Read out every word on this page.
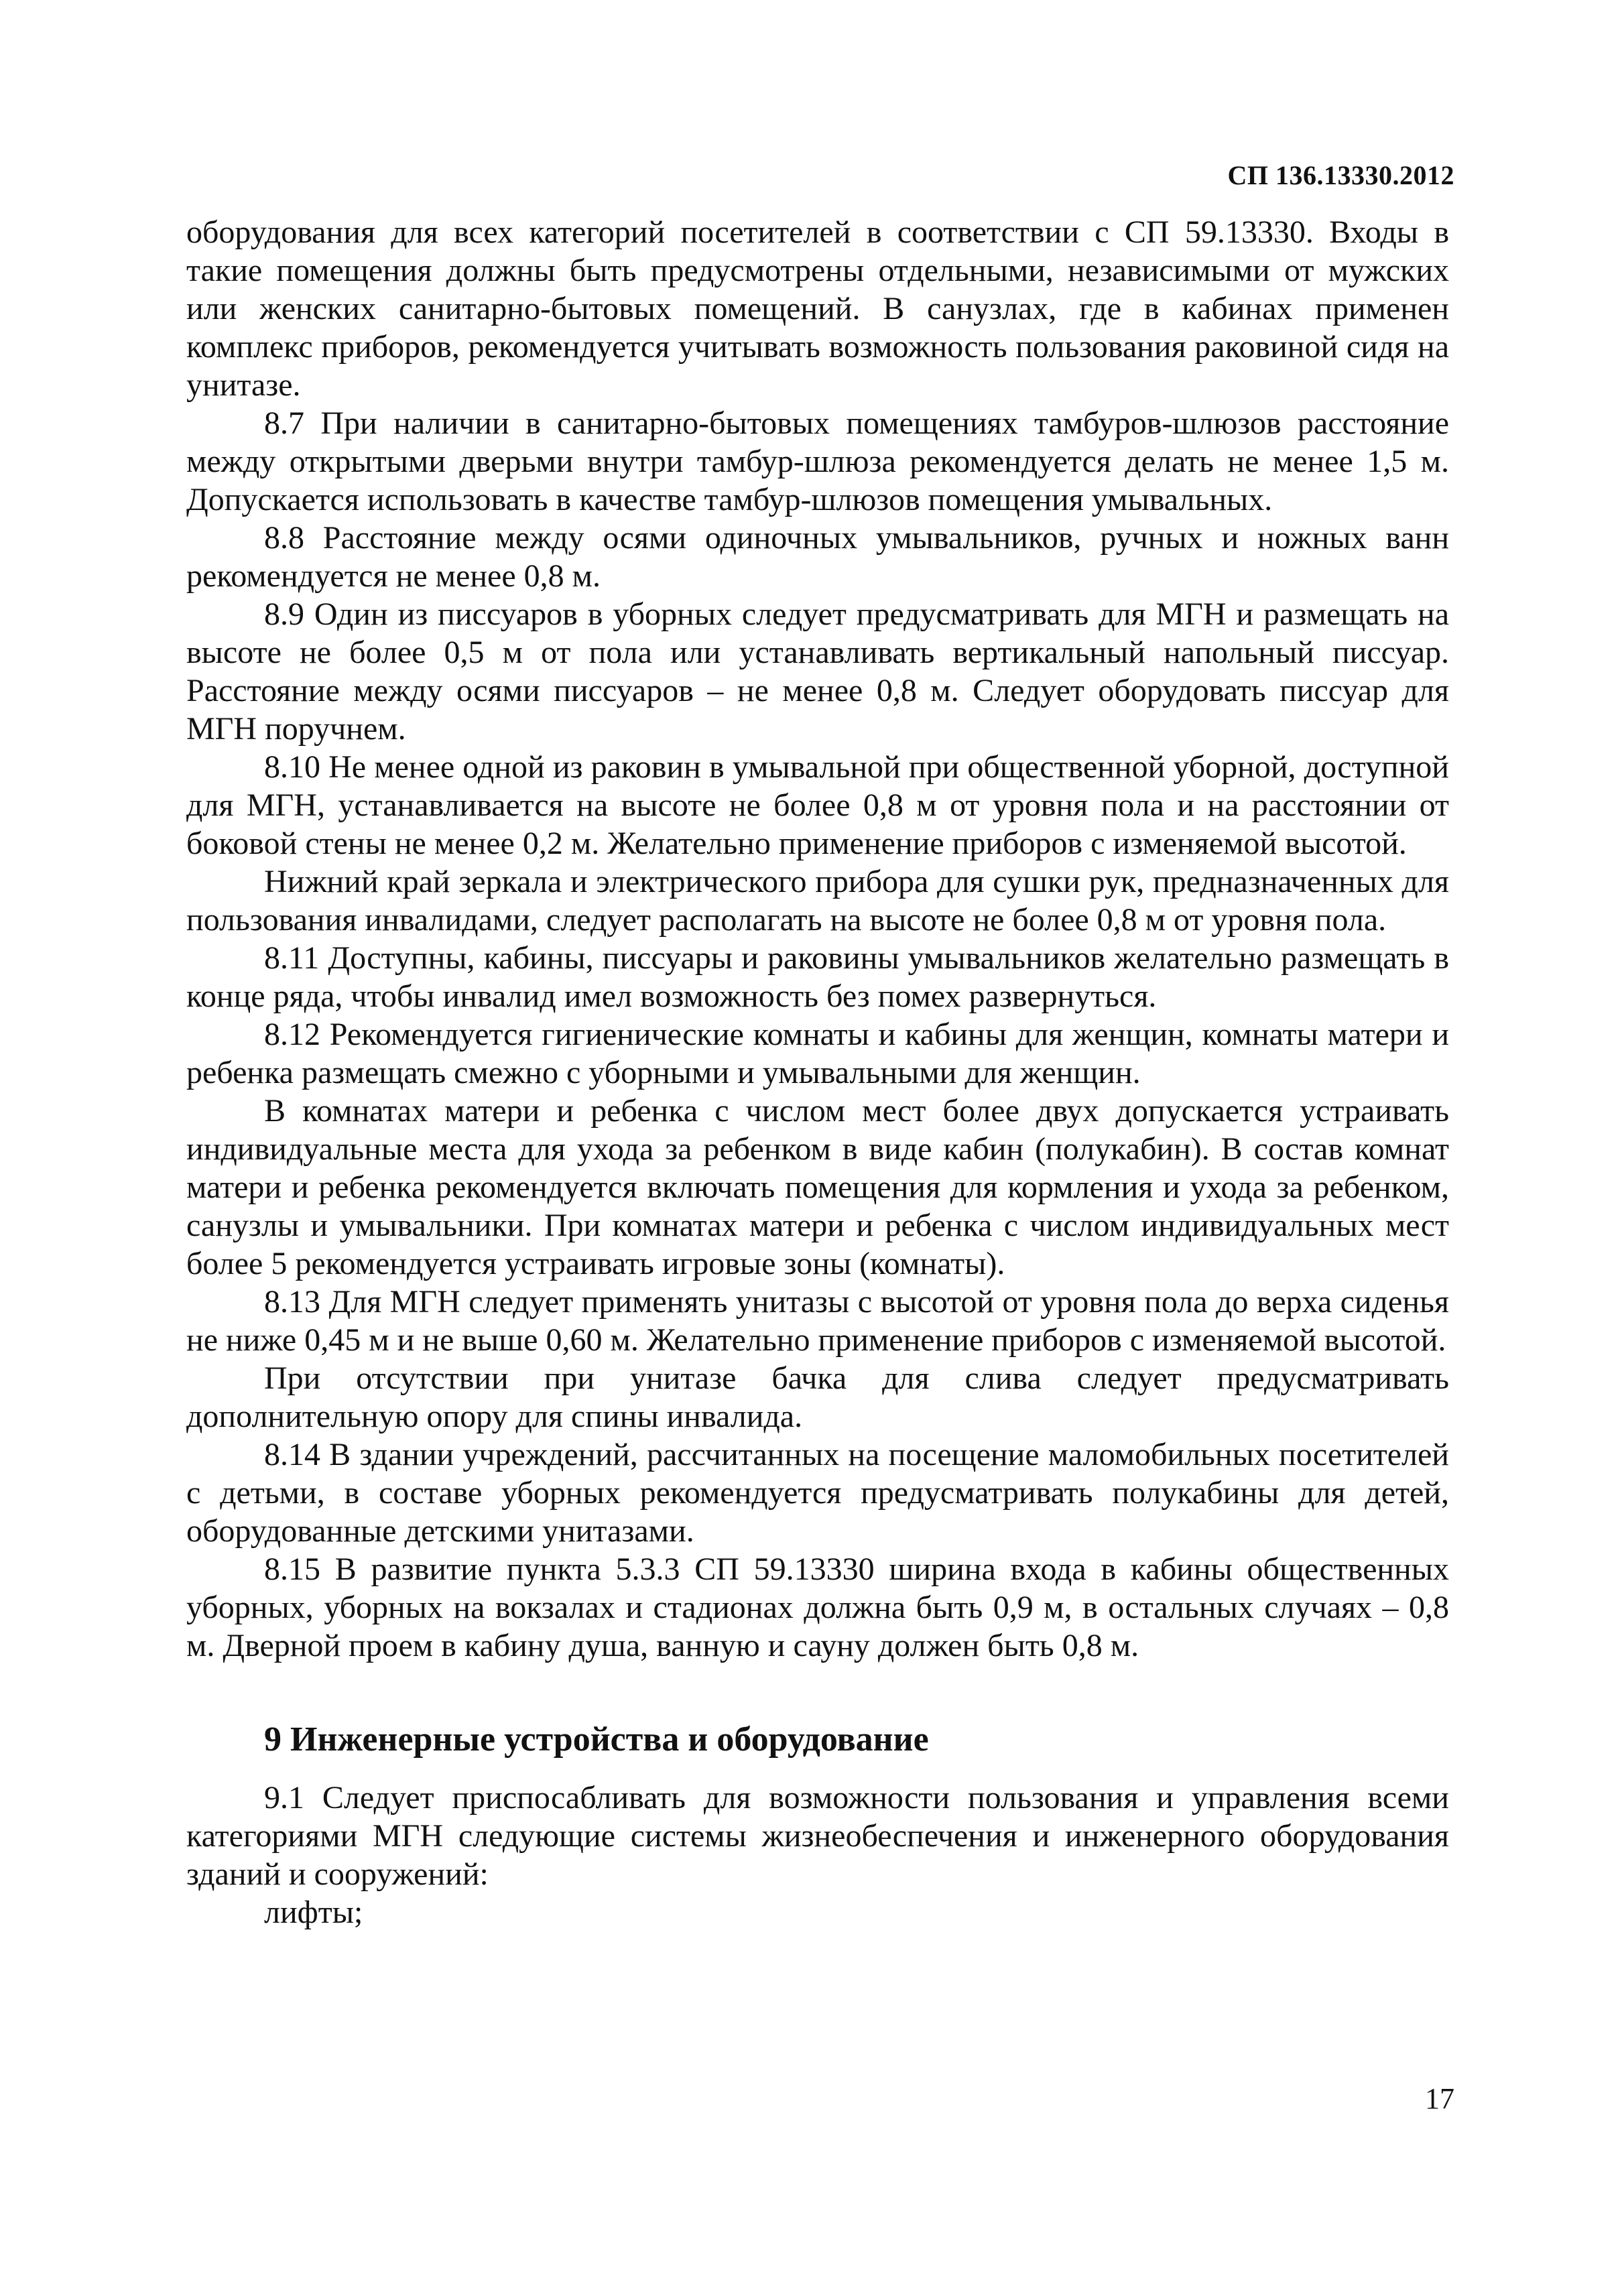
СП 136.13330.2012

оборудования для всех категорий посетителей в соответствии с СП 59.13330. Входы в такие помещения должны быть предусмотрены отдельными, независимыми от мужских или женских санитарно-бытовых помещений. В санузлах, где в кабинах применен комплекс приборов, рекомендуется учитывать возможность пользования раковиной сидя на унитазе.

8.7 При наличии в санитарно-бытовых помещениях тамбуров-шлюзов расстояние между открытыми дверьми внутри тамбур-шлюза рекомендуется делать не менее 1,5 м. Допускается использовать в качестве тамбур-шлюзов помещения умывальных.

8.8 Расстояние между осями одиночных умывальников, ручных и ножных ванн рекомендуется не менее 0,8 м.

8.9 Один из писсуаров в уборных следует предусматривать для МГН и размещать на высоте не более 0,5 м от пола или устанавливать вертикальный напольный писсуар. Расстояние между осями писсуаров – не менее 0,8 м. Следует оборудовать писсуар для МГН поручнем.

8.10 Не менее одной из раковин в умывальной при общественной уборной, доступной для МГН, устанавливается на высоте не более 0,8 м от уровня пола и на расстоянии от боковой стены не менее 0,2 м. Желательно применение приборов с изменяемой высотой.

Нижний край зеркала и электрического прибора для сушки рук, предназначенных для пользования инвалидами, следует располагать на высоте не более 0,8 м от уровня пола.

8.11 Доступны, кабины, писсуары и раковины умывальников желательно размещать в конце ряда, чтобы инвалид имел возможность без помех развернуться.

8.12 Рекомендуется гигиенические комнаты и кабины для женщин, комнаты матери и ребенка размещать смежно с уборными и умывальными для женщин.

В комнатах матери и ребенка с числом мест более двух допускается устраивать индивидуальные места для ухода за ребенком в виде кабин (полукабин). В состав комнат матери и ребенка рекомендуется включать помещения для кормления и ухода за ребенком, санузлы и умывальники. При комнатах матери и ребенка с числом индивидуальных мест более 5 рекомендуется устраивать игровые зоны (комнаты).

8.13 Для МГН следует применять унитазы с высотой от уровня пола до верха сиденья не ниже 0,45 м и не выше 0,60 м. Желательно применение приборов с изменяемой высотой.

При отсутствии при унитазе бачка для слива следует предусматривать дополнительную опору для спины инвалида.

8.14 В здании учреждений, рассчитанных на посещение маломобильных посетителей с детьми, в составе уборных рекомендуется предусматривать полукабины для детей, оборудованные детскими унитазами.

8.15 В развитие пункта 5.3.3 СП 59.13330 ширина входа в кабины общественных уборных, уборных на вокзалах и стадионах должна быть 0,9 м, в остальных случаях – 0,8 м. Дверной проем в кабину душа, ванную и сауну должен быть 0,8 м.

9 Инженерные устройства и оборудование

9.1 Следует приспосабливать для возможности пользования и управления всеми категориями МГН следующие системы жизнеобеспечения и инженерного оборудования зданий и сооружений:

лифты;

17
